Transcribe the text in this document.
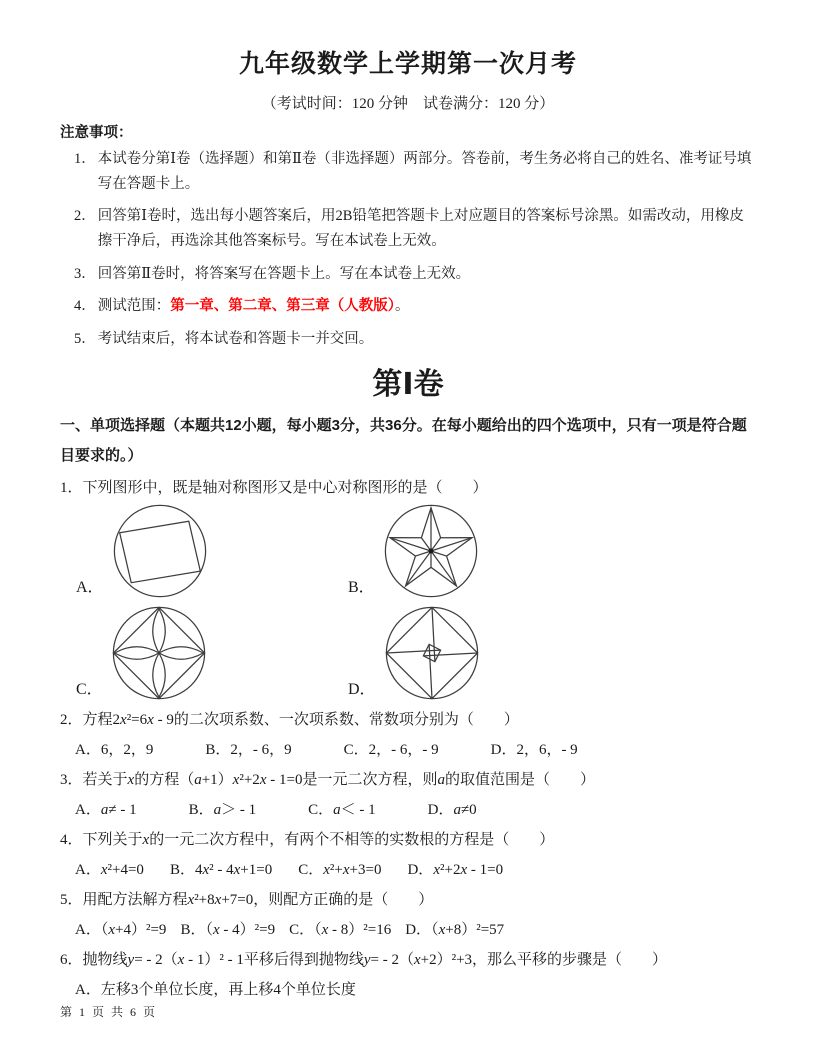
九年级数学上学期第一次月考

（考试时间：120 分钟　试卷满分：120 分）

注意事项：

1． 本试卷分第Ⅰ卷（选择题）和第Ⅱ卷（非选择题）两部分。答卷前，考生务必将自己的姓名、准考证号填写在答题卡上。
2． 回答第Ⅰ卷时，选出每小题答案后，用2B铅笔把答题卡上对应题目的答案标号涂黑。如需改动，用橡皮擦干净后，再选涂其他答案标号。写在本试卷上无效。
3． 回答第Ⅱ卷时，将答案写在答题卡上。写在本试卷上无效。
4． 测试范围：第一章、第二章、第三章（人教版）。
5． 考试结束后，将本试卷和答题卡一并交回。
第Ⅰ卷

一、单项选择题（本题共12小题，每小题3分，共36分。在每小题给出的四个选项中，只有一项是符合题目要求的。）

1．下列图形中，既是轴对称图形又是中心对称图形的是（　　）

A．	B．
C．	D．

2．方程2x²=6x - 9的二次项系数、一次项系数、常数项分别为（　　）

A．6，2，9	B．2，- 6，9	C．2，- 6，- 9	D．2，6，- 9

3．若关于x的方程（a+1）x²+2x - 1=0是一元二次方程，则a的取值范围是（　　）

A．a≠ - 1	B．a＞ - 1	C．a＜ - 1	D．a≠0

4．下列关于x的一元二次方程中，有两个不相等的实数根的方程是（　　）

A．x²+4=0 B．4x² - 4x+1=0 C．x²+x+3=0 D．x²+2x - 1=0

5．用配方法解方程x²+8x+7=0，则配方正确的是（　　）

A．（x+4）²=9 B．（x - 4）²=9 C．（x - 8）²=16 D．（x+8）²=57

6．抛物线y= - 2（x - 1）² - 1平移后得到抛物线y= - 2（x+2）²+3，那么平移的步骤是（　　）

A．左移3个单位长度，再上移4个单位长度

第 1 页 共 6 页
